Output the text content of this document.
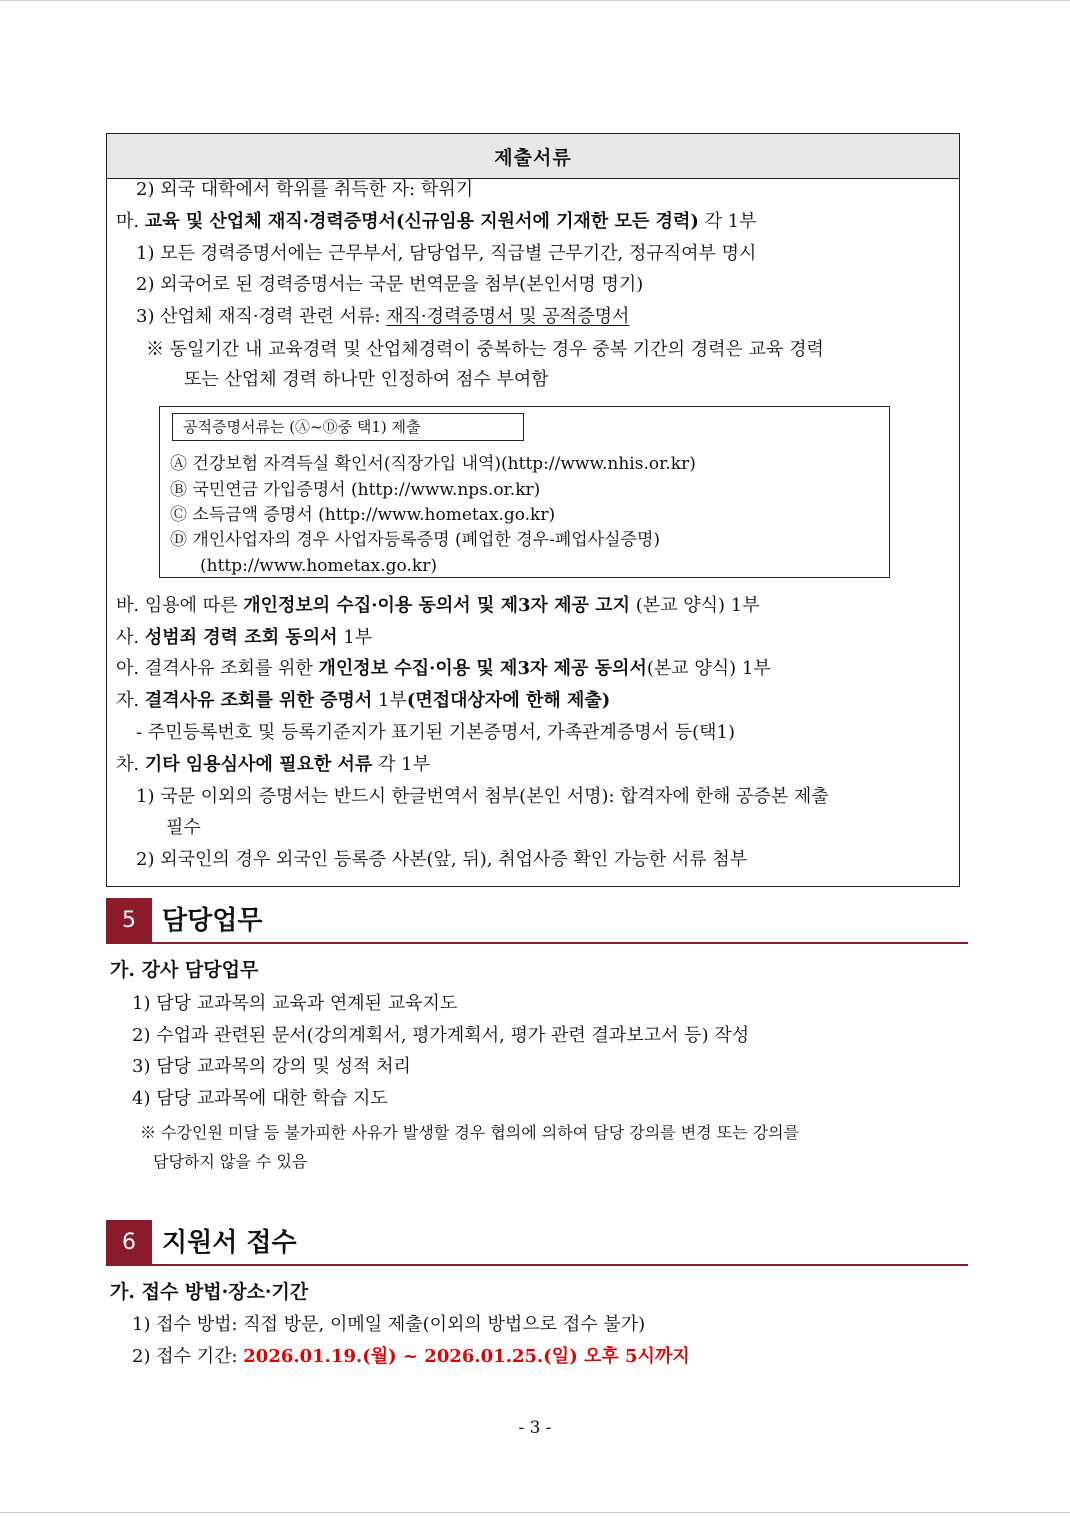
제출서류
2) 외국 대학에서 학위를 취득한 자: 학위기
마. 교육 및 산업체 재직·경력증명서(신규임용 지원서에 기재한 모든 경력) 각 1부
1) 모든 경력증명서에는 근무부서, 담당업무, 직급별 근무기간, 정규직여부 명시
2) 외국어로 된 경력증명서는 국문 번역문을 첨부(본인서명 명기)
3) 산업체 재직·경력 관련 서류: 재직·경력증명서 및 공적증명서
※ 동일기간 내 교육경력 및 산업체경력이 중복하는 경우 중복 기간의 경력은 교육 경력
또는 산업체 경력 하나만 인정하여 점수 부여함
공적증명서류는 (Ⓐ~Ⓓ중 택1) 제출
Ⓐ 건강보험 자격득실 확인서(직장가입 내역)(http://www.nhis.or.kr)
Ⓑ 국민연금 가입증명서 (http://www.nps.or.kr)
Ⓒ 소득금액 증명서 (http://www.hometax.go.kr)
Ⓓ 개인사업자의 경우 사업자등록증명 (폐업한 경우-폐업사실증명)
(http://www.hometax.go.kr)
바. 임용에 따른 개인정보의 수집·이용 동의서 및 제3자 제공 고지 (본교 양식) 1부
사. 성범죄 경력 조회 동의서 1부
아. 결격사유 조회를 위한 개인정보 수집·이용 및 제3자 제공 동의서(본교 양식) 1부
자. 결격사유 조회를 위한 증명서 1부(면접대상자에 한해 제출)
- 주민등록번호 및 등록기준지가 표기된 기본증명서, 가족관계증명서 등(택1)
차. 기타 임용심사에 필요한 서류 각 1부
1) 국문 이외의 증명서는 반드시 한글번역서 첨부(본인 서명): 합격자에 한해 공증본 제출
필수
2) 외국인의 경우 외국인 등록증 사본(앞, 뒤), 취업사증 확인 가능한 서류 첨부
5	담당업무
가. 강사 담당업무
1) 담당 교과목의 교육과 연계된 교육지도
2) 수업과 관련된 문서(강의계획서, 평가계획서, 평가 관련 결과보고서 등) 작성
3) 담당 교과목의 강의 및 성적 처리
4) 담당 교과목에 대한 학습 지도
※ 수강인원 미달 등 불가피한 사유가 발생할 경우 협의에 의하여 담당 강의를 변경 또는 강의를
담당하지 않을 수 있음
6	지원서 접수
가. 접수 방법·장소·기간
1) 접수 방법: 직접 방문, 이메일 제출(이외의 방법으로 접수 불가)
2) 접수 기간: 2026.01.19.(월) ~ 2026.01.25.(일) 오후 5시까지
- 3 -
